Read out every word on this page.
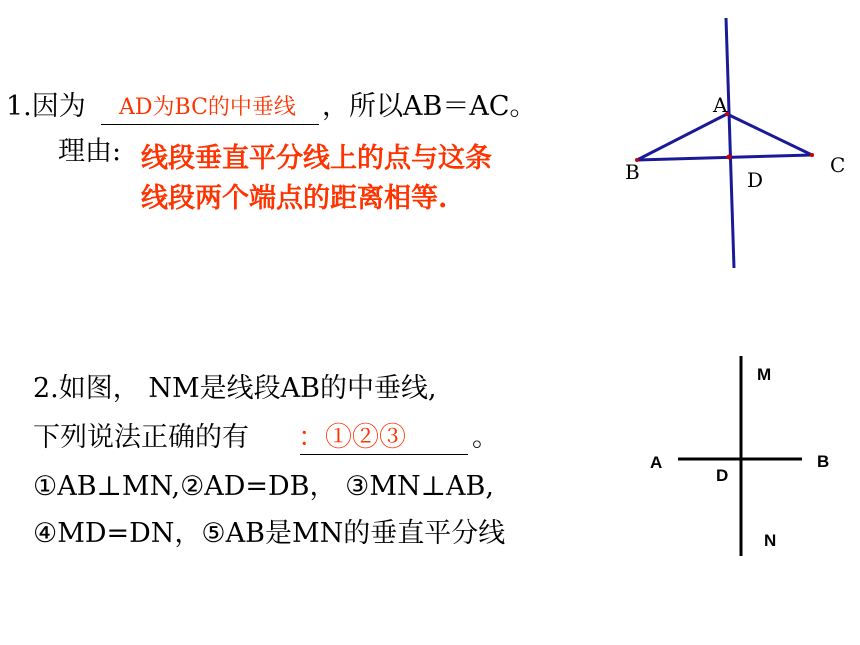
1.因为 AD为BC的中垂线 ，所以AB＝AC。
理由: 线段垂直平分线上的点与这条
线段两个端点的距离相等.
A
B	C
D
2.如图， NM是线段AB的中垂线,
下列说法正确的有 ：①②③ 。
①AB⊥MN,②AD=DB， ③MN⊥AB,
④MD=DN，⑤AB是MN的垂直平分线
M
N
A	B
D
